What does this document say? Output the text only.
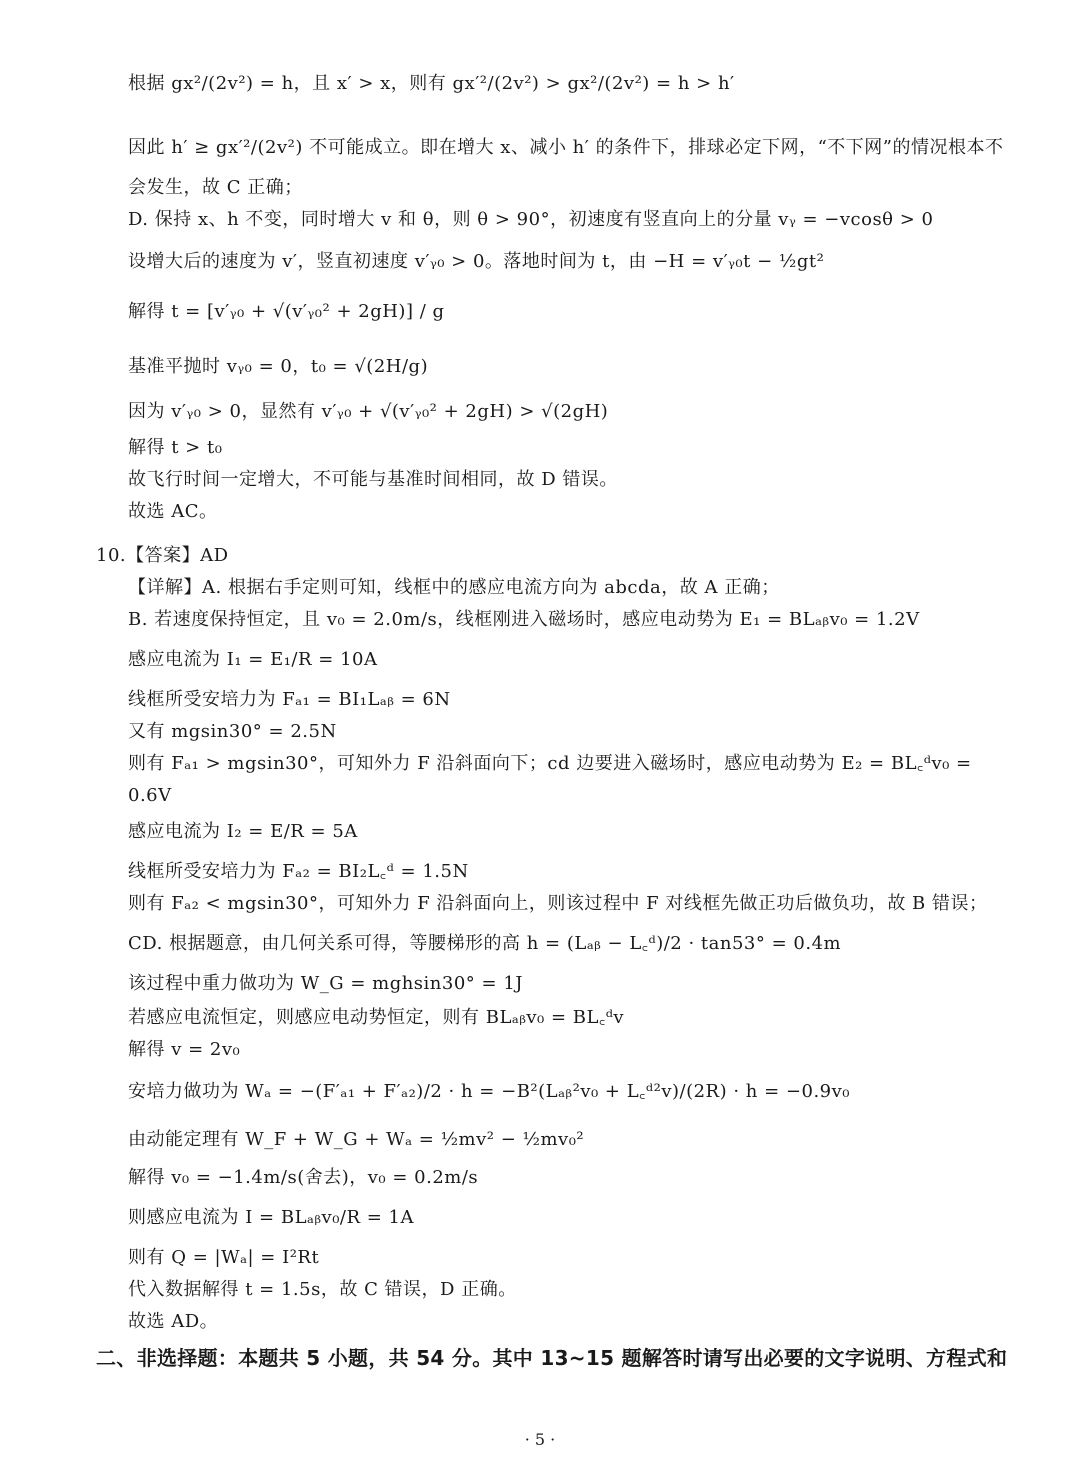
根据 gx²/(2v²) = h，且 x′ > x，则有 gx′²/(2v²) > gx²/(2v²) = h > h′
因此 h′ ≥ gx′²/(2v²) 不可能成立。即在增大 x、减小 h′ 的条件下，排球必定下网，“不下网”的情况根本不
会发生，故 C 正确；
D. 保持 x、h 不变，同时增大 v 和 θ，则 θ > 90°，初速度有竖直向上的分量 vᵧ = −vcosθ > 0
设增大后的速度为 v′，竖直初速度 v′ᵧ₀ > 0。落地时间为 t，由 −H = v′ᵧ₀t − ½gt²
解得 t = [v′ᵧ₀ + √(v′ᵧ₀² + 2gH)] / g
基准平抛时 vᵧ₀ = 0，t₀ = √(2H/g)
因为 v′ᵧ₀ > 0，显然有 v′ᵧ₀ + √(v′ᵧ₀² + 2gH) > √(2gH)
解得 t > t₀
故飞行时间一定增大，不可能与基准时间相同，故 D 错误。
故选 AC。
10.【答案】AD
【详解】A. 根据右手定则可知，线框中的感应电流方向为 abcda，故 A 正确；
B. 若速度保持恒定，且 v₀ = 2.0m/s，线框刚进入磁场时，感应电动势为 E₁ = BLₐᵦv₀ = 1.2V
感应电流为 I₁ = E₁/R = 10A
线框所受安培力为 Fₐ₁ = BI₁Lₐᵦ = 6N
又有 mgsin30° = 2.5N
则有 Fₐ₁ > mgsin30°，可知外力 F 沿斜面向下；cd 边要进入磁场时，感应电动势为 E₂ = BL꜀ᵈv₀ =
0.6V
感应电流为 I₂ = E/R = 5A
线框所受安培力为 Fₐ₂ = BI₂L꜀ᵈ = 1.5N
则有 Fₐ₂ < mgsin30°，可知外力 F 沿斜面向上，则该过程中 F 对线框先做正功后做负功，故 B 错误；
CD. 根据题意，由几何关系可得，等腰梯形的高 h = (Lₐᵦ − L꜀ᵈ)/2 · tan53° = 0.4m
该过程中重力做功为 W_G = mghsin30° = 1J
若感应电流恒定，则感应电动势恒定，则有 BLₐᵦv₀ = BL꜀ᵈv
解得 v = 2v₀
安培力做功为 Wₐ = −(F′ₐ₁ + F′ₐ₂)/2 · h = −B²(Lₐᵦ²v₀ + L꜀ᵈ²v)/(2R) · h = −0.9v₀
由动能定理有 W_F + W_G + Wₐ = ½mv² − ½mv₀²
解得 v₀ = −1.4m/s(舍去)，v₀ = 0.2m/s
则感应电流为 I = BLₐᵦv₀/R = 1A
则有 Q = |Wₐ| = I²Rt
代入数据解得 t = 1.5s，故 C 错误，D 正确。
故选 AD。
二、非选择题：本题共 5 小题，共 54 分。其中 13~15 题解答时请写出必要的文字说明、方程式和
· 5 ·
